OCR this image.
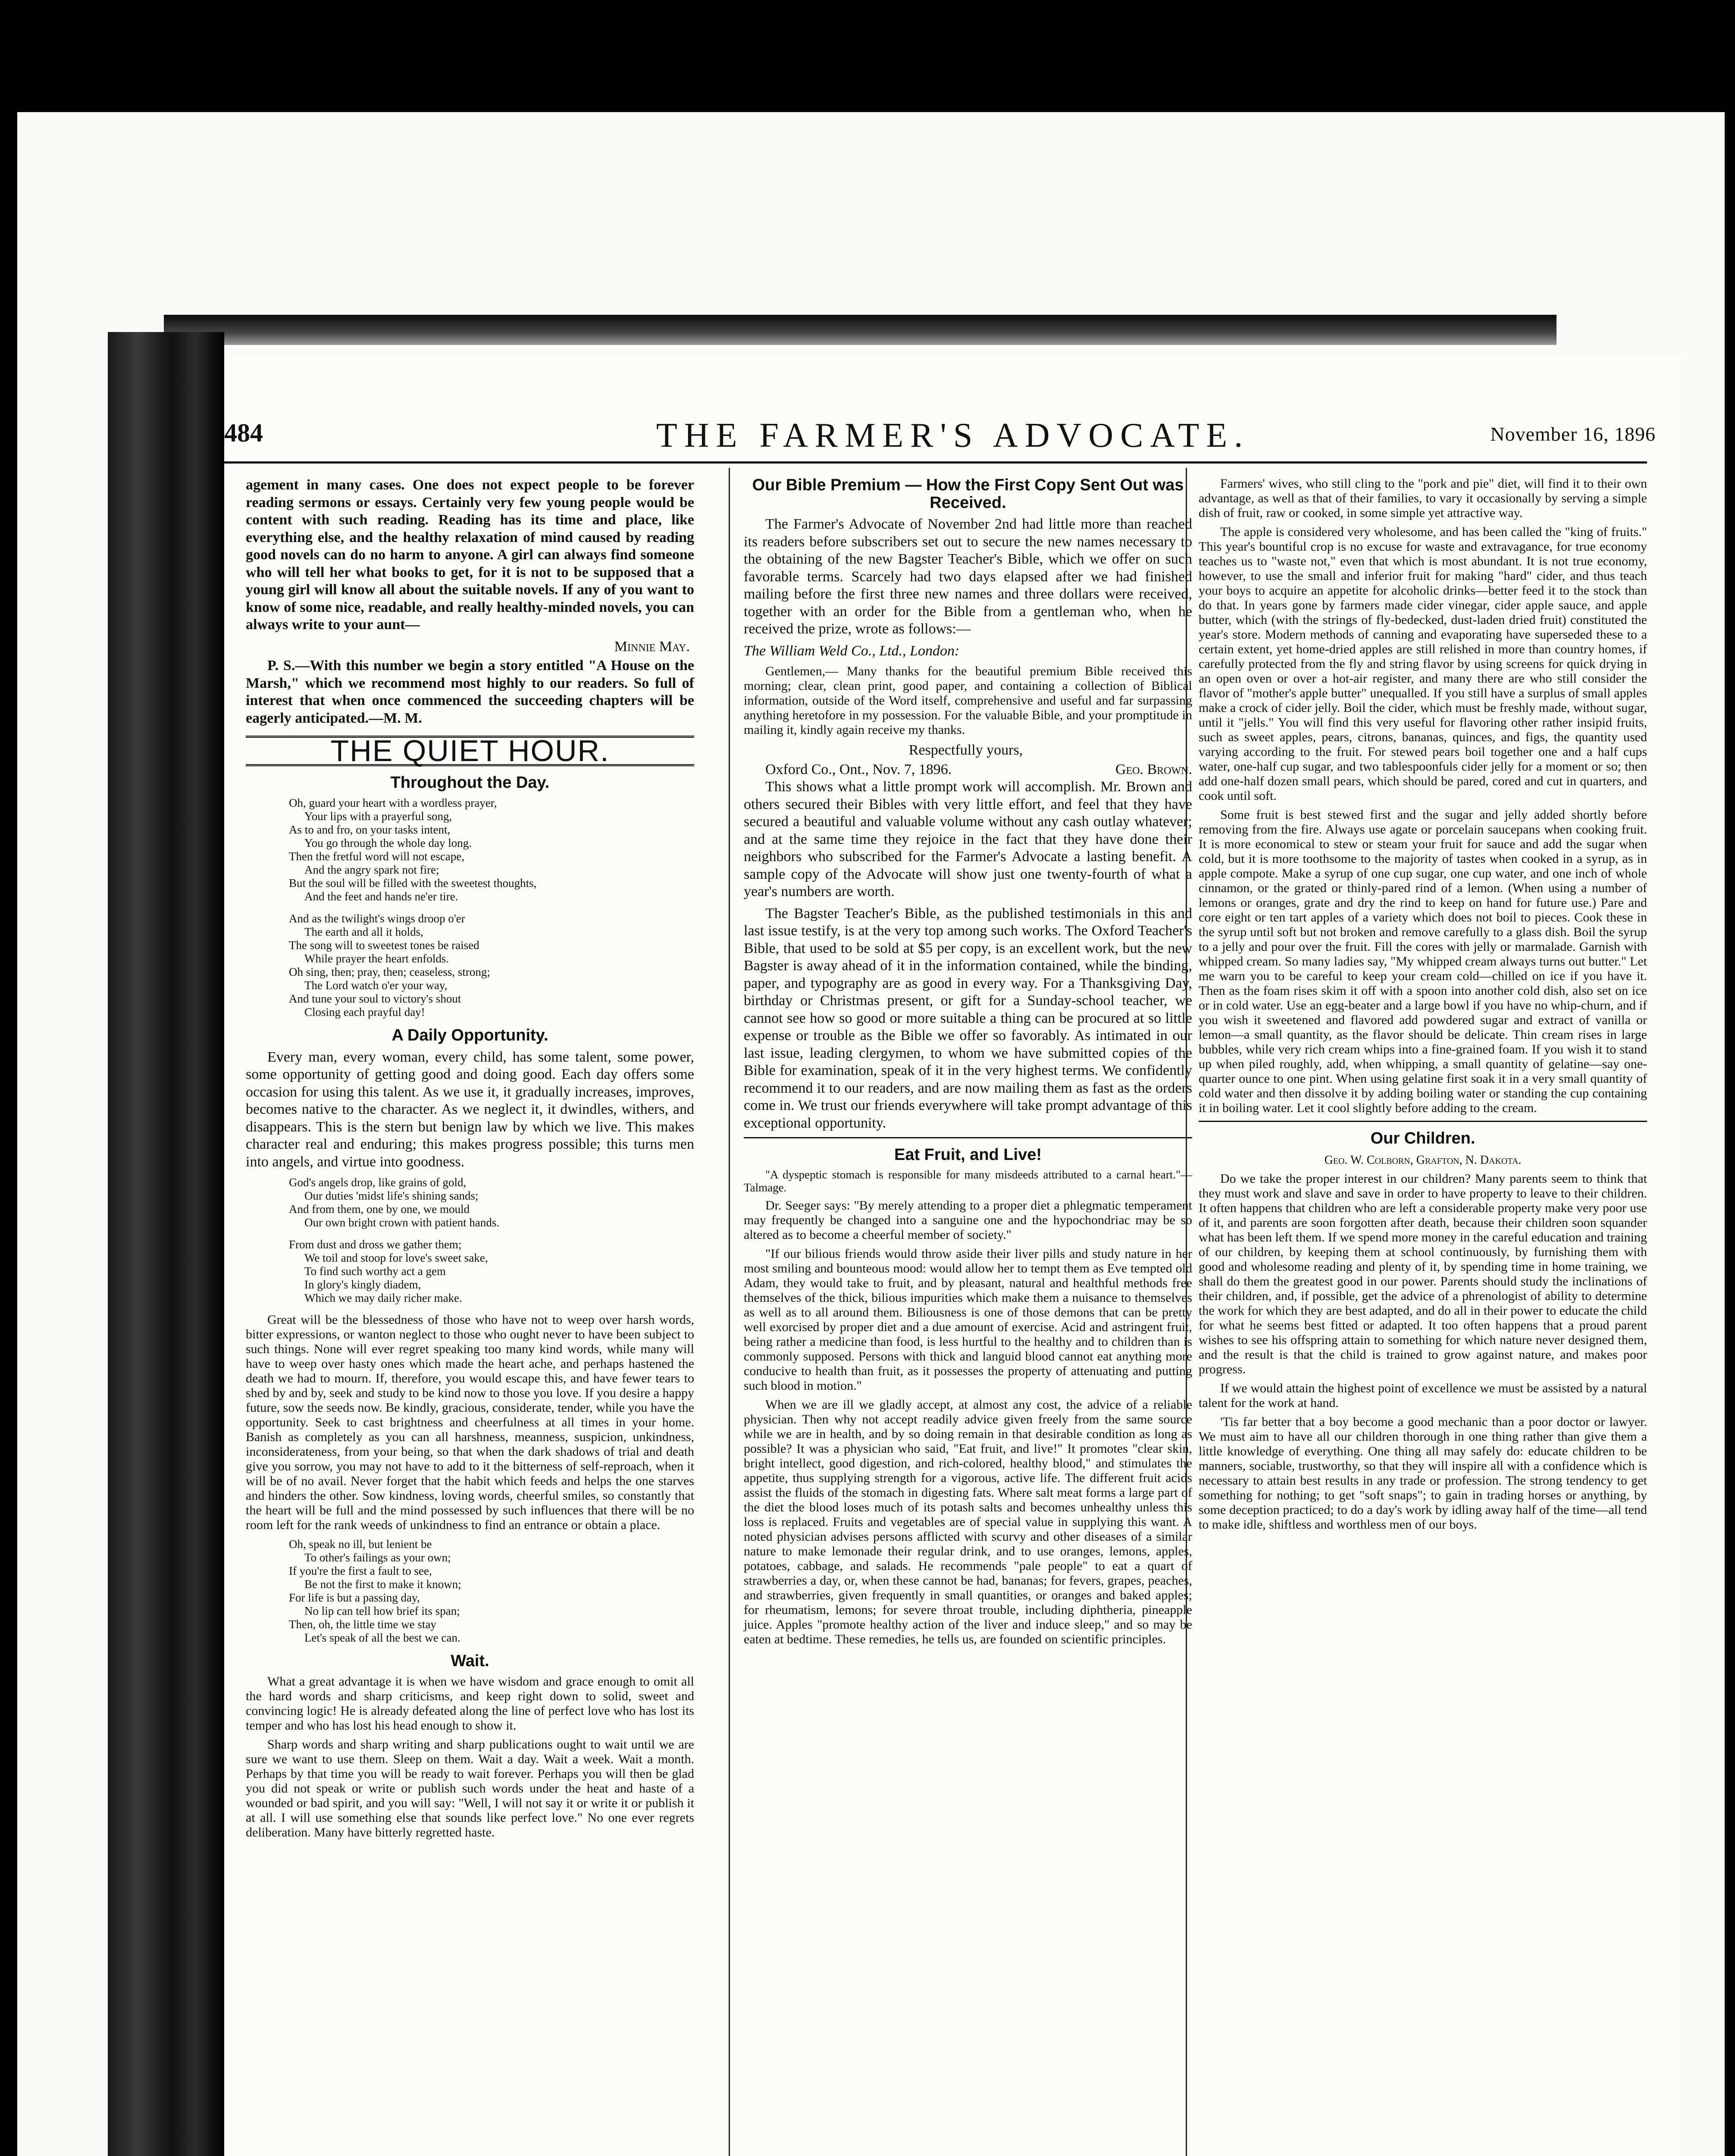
484	THE FARMER'S ADVOCATE.	November 16, 1896

agement in many cases. One does not expect people to be forever reading sermons or essays. Certainly very few young people would be content with such reading. Reading has its time and place, like everything else, and the healthy relaxation of mind caused by reading good novels can do no harm to anyone. A girl can always find someone who will tell her what books to get, for it is not to be supposed that a young girl will know all about the suitable novels. If any of you want to know of some nice, readable, and really healthy-minded novels, you can always write to your aunt—

Minnie May.

P. S.—With this number we begin a story entitled "A House on the Marsh," which we recommend most highly to our readers. So full of interest that when once commenced the succeeding chapters will be eagerly anticipated.—M. M.

THE QUIET HOUR.
Throughout the Day.
Oh, guard your heart with a wordless prayer,
Your lips with a prayerful song,
As to and fro, on your tasks intent,
You go through the whole day long.
Then the fretful word will not escape,
And the angry spark not fire;
But the soul will be filled with the sweetest thoughts,
And the feet and hands ne'er tire.
And as the twilight's wings droop o'er
The earth and all it holds,
The song will to sweetest tones be raised
While prayer the heart enfolds.
Oh sing, then; pray, then; ceaseless, strong;
The Lord watch o'er your way,
And tune your soul to victory's shout
Closing each prayful day!
A Daily Opportunity.

Every man, every woman, every child, has some talent, some power, some opportunity of getting good and doing good. Each day offers some occasion for using this talent. As we use it, it gradually increases, improves, becomes native to the character. As we neglect it, it dwindles, withers, and disappears. This is the stern but benign law by which we live. This makes character real and enduring; this makes progress possible; this turns men into angels, and virtue into goodness.

God's angels drop, like grains of gold,
Our duties 'midst life's shining sands;
And from them, one by one, we mould
Our own bright crown with patient hands.
From dust and dross we gather them;
We toil and stoop for love's sweet sake,
To find such worthy act a gem
In glory's kingly diadem,
Which we may daily richer make.

Great will be the blessedness of those who have not to weep over harsh words, bitter expressions, or wanton neglect to those who ought never to have been subject to such things. None will ever regret speaking too many kind words, while many will have to weep over hasty ones which made the heart ache, and perhaps hastened the death we had to mourn. If, therefore, you would escape this, and have fewer tears to shed by and by, seek and study to be kind now to those you love. If you desire a happy future, sow the seeds now. Be kindly, gracious, considerate, tender, while you have the opportunity. Seek to cast brightness and cheerfulness at all times in your home. Banish as completely as you can all harshness, meanness, suspicion, unkindness, inconsiderateness, from your being, so that when the dark shadows of trial and death give you sorrow, you may not have to add to it the bitterness of self-reproach, when it will be of no avail. Never forget that the habit which feeds and helps the one starves and hinders the other. Sow kindness, loving words, cheerful smiles, so constantly that the heart will be full and the mind possessed by such influences that there will be no room left for the rank weeds of unkindness to find an entrance or obtain a place.

Oh, speak no ill, but lenient be
To other's failings as your own;
If you're the first a fault to see,
Be not the first to make it known;
For life is but a passing day,
No lip can tell how brief its span;
Then, oh, the little time we stay
Let's speak of all the best we can.
Wait.

What a great advantage it is when we have wisdom and grace enough to omit all the hard words and sharp criticisms, and keep right down to solid, sweet and convincing logic! He is already defeated along the line of perfect love who has lost its temper and who has lost his head enough to show it.

Sharp words and sharp writing and sharp publications ought to wait until we are sure we want to use them. Sleep on them. Wait a day. Wait a week. Wait a month. Perhaps by that time you will be ready to wait forever. Perhaps you will then be glad you did not speak or write or publish such words under the heat and haste of a wounded or bad spirit, and you will say: "Well, I will not say it or write it or publish it at all. I will use something else that sounds like perfect love." No one ever regrets deliberation. Many have bitterly regretted haste.

Our Bible Premium — How the First Copy Sent Out was Received.

The Farmer's Advocate of November 2nd had little more than reached its readers before subscribers set out to secure the new names necessary to the obtaining of the new Bagster Teacher's Bible, which we offer on such favorable terms. Scarcely had two days elapsed after we had finished mailing before the first three new names and three dollars were received, together with an order for the Bible from a gentleman who, when he received the prize, wrote as follows:—

The William Weld Co., Ltd., London:

Gentlemen,— Many thanks for the beautiful premium Bible received this morning; clear, clean print, good paper, and containing a collection of Biblical information, outside of the Word itself, comprehensive and useful and far surpassing anything heretofore in my possession. For the valuable Bible, and your promptitude in mailing it, kindly again receive my thanks.

Respectfully yours,
Oxford Co., Ont., Nov. 7, 1896.	Geo. Brown.

This shows what a little prompt work will accomplish. Mr. Brown and others secured their Bibles with very little effort, and feel that they have secured a beautiful and valuable volume without any cash outlay whatever; and at the same time they rejoice in the fact that they have done their neighbors who subscribed for the Farmer's Advocate a lasting benefit. A sample copy of the Advocate will show just one twenty-fourth of what a year's numbers are worth.

The Bagster Teacher's Bible, as the published testimonials in this and last issue testify, is at the very top among such works. The Oxford Teacher's Bible, that used to be sold at $5 per copy, is an excellent work, but the new Bagster is away ahead of it in the information contained, while the binding, paper, and typography are as good in every way. For a Thanksgiving Day, birthday or Christmas present, or gift for a Sunday-school teacher, we cannot see how so good or more suitable a thing can be procured at so little expense or trouble as the Bible we offer so favorably. As intimated in our last issue, leading clergymen, to whom we have submitted copies of the Bible for examination, speak of it in the very highest terms. We confidently recommend it to our readers, and are now mailing them as fast as the orders come in. We trust our friends everywhere will take prompt advantage of this exceptional opportunity.

Eat Fruit, and Live!

"A dyspeptic stomach is responsible for many misdeeds attributed to a carnal heart."—Talmage.

Dr. Seeger says: "By merely attending to a proper diet a phlegmatic temperament may frequently be changed into a sanguine one and the hypochondriac may be so altered as to become a cheerful member of society."

"If our bilious friends would throw aside their liver pills and study nature in her most smiling and bounteous mood: would allow her to tempt them as Eve tempted old Adam, they would take to fruit, and by pleasant, natural and healthful methods free themselves of the thick, bilious impurities which make them a nuisance to themselves as well as to all around them. Biliousness is one of those demons that can be pretty well exorcised by proper diet and a due amount of exercise. Acid and astringent fruit, being rather a medicine than food, is less hurtful to the healthy and to children than is commonly supposed. Persons with thick and languid blood cannot eat anything more conducive to health than fruit, as it possesses the property of attenuating and putting such blood in motion."

When we are ill we gladly accept, at almost any cost, the advice of a reliable physician. Then why not accept readily advice given freely from the same source while we are in health, and by so doing remain in that desirable condition as long as possible? It was a physician who said, "Eat fruit, and live!" It promotes "clear skin, bright intellect, good digestion, and rich-colored, healthy blood," and stimulates the appetite, thus supplying strength for a vigorous, active life. The different fruit acids assist the fluids of the stomach in digesting fats. Where salt meat forms a large part of the diet the blood loses much of its potash salts and becomes unhealthy unless this loss is replaced. Fruits and vegetables are of special value in supplying this want. A noted physician advises persons afflicted with scurvy and other diseases of a similar nature to make lemonade their regular drink, and to use oranges, lemons, apples, potatoes, cabbage, and salads. He recommends "pale people" to eat a quart of strawberries a day, or, when these cannot be had, bananas; for fevers, grapes, peaches, and strawberries, given frequently in small quantities, or oranges and baked apples; for rheumatism, lemons; for severe throat trouble, including diphtheria, pineapple juice. Apples "promote healthy action of the liver and induce sleep," and so may be eaten at bedtime. These remedies, he tells us, are founded on scientific principles.

Farmers' wives, who still cling to the "pork and pie" diet, will find it to their own advantage, as well as that of their families, to vary it occasionally by serving a simple dish of fruit, raw or cooked, in some simple yet attractive way.

The apple is considered very wholesome, and has been called the "king of fruits." This year's bountiful crop is no excuse for waste and extravagance, for true economy teaches us to "waste not," even that which is most abundant. It is not true economy, however, to use the small and inferior fruit for making "hard" cider, and thus teach your boys to acquire an appetite for alcoholic drinks—better feed it to the stock than do that. In years gone by farmers made cider vinegar, cider apple sauce, and apple butter, which (with the strings of fly-bedecked, dust-laden dried fruit) constituted the year's store. Modern methods of canning and evaporating have superseded these to a certain extent, yet home-dried apples are still relished in more than country homes, if carefully protected from the fly and string flavor by using screens for quick drying in an open oven or over a hot-air register, and many there are who still consider the flavor of "mother's apple butter" unequalled. If you still have a surplus of small apples make a crock of cider jelly. Boil the cider, which must be freshly made, without sugar, until it "jells." You will find this very useful for flavoring other rather insipid fruits, such as sweet apples, pears, citrons, bananas, quinces, and figs, the quantity used varying according to the fruit. For stewed pears boil together one and a half cups water, one-half cup sugar, and two tablespoonfuls cider jelly for a moment or so; then add one-half dozen small pears, which should be pared, cored and cut in quarters, and cook until soft.

Some fruit is best stewed first and the sugar and jelly added shortly before removing from the fire. Always use agate or porcelain saucepans when cooking fruit. It is more economical to stew or steam your fruit for sauce and add the sugar when cold, but it is more toothsome to the majority of tastes when cooked in a syrup, as in apple compote. Make a syrup of one cup sugar, one cup water, and one inch of whole cinnamon, or the grated or thinly-pared rind of a lemon. (When using a number of lemons or oranges, grate and dry the rind to keep on hand for future use.) Pare and core eight or ten tart apples of a variety which does not boil to pieces. Cook these in the syrup until soft but not broken and remove carefully to a glass dish. Boil the syrup to a jelly and pour over the fruit. Fill the cores with jelly or marmalade. Garnish with whipped cream. So many ladies say, "My whipped cream always turns out butter." Let me warn you to be careful to keep your cream cold—chilled on ice if you have it. Then as the foam rises skim it off with a spoon into another cold dish, also set on ice or in cold water. Use an egg-beater and a large bowl if you have no whip-churn, and if you wish it sweetened and flavored add powdered sugar and extract of vanilla or lemon—a small quantity, as the flavor should be delicate. Thin cream rises in large bubbles, while very rich cream whips into a fine-grained foam. If you wish it to stand up when piled roughly, add, when whipping, a small quantity of gelatine—say one-quarter ounce to one pint. When using gelatine first soak it in a very small quantity of cold water and then dissolve it by adding boiling water or standing the cup containing it in boiling water. Let it cool slightly before adding to the cream.

Our Children.
Geo. W. Colborn, Grafton, N. Dakota.

Do we take the proper interest in our children? Many parents seem to think that they must work and slave and save in order to have property to leave to their children. It often happens that children who are left a considerable property make very poor use of it, and parents are soon forgotten after death, because their children soon squander what has been left them. If we spend more money in the careful education and training of our children, by keeping them at school continuously, by furnishing them with good and wholesome reading and plenty of it, by spending time in home training, we shall do them the greatest good in our power. Parents should study the inclinations of their children, and, if possible, get the advice of a phrenologist of ability to determine the work for which they are best adapted, and do all in their power to educate the child for what he seems best fitted or adapted. It too often happens that a proud parent wishes to see his offspring attain to something for which nature never designed them, and the result is that the child is trained to grow against nature, and makes poor progress.

If we would attain the highest point of excellence we must be assisted by a natural talent for the work at hand.

'Tis far better that a boy become a good mechanic than a poor doctor or lawyer. We must aim to have all our children thorough in one thing rather than give them a little knowledge of everything. One thing all may safely do: educate children to be manners, sociable, trustworthy, so that they will inspire all with a confidence which is necessary to attain best results in any trade or profession. The strong tendency to get something for nothing; to get "soft snaps"; to gain in trading horses or anything, by some deception practiced; to do a day's work by idling away half of the time—all tend to make idle, shiftless and worthless men of our boys.
